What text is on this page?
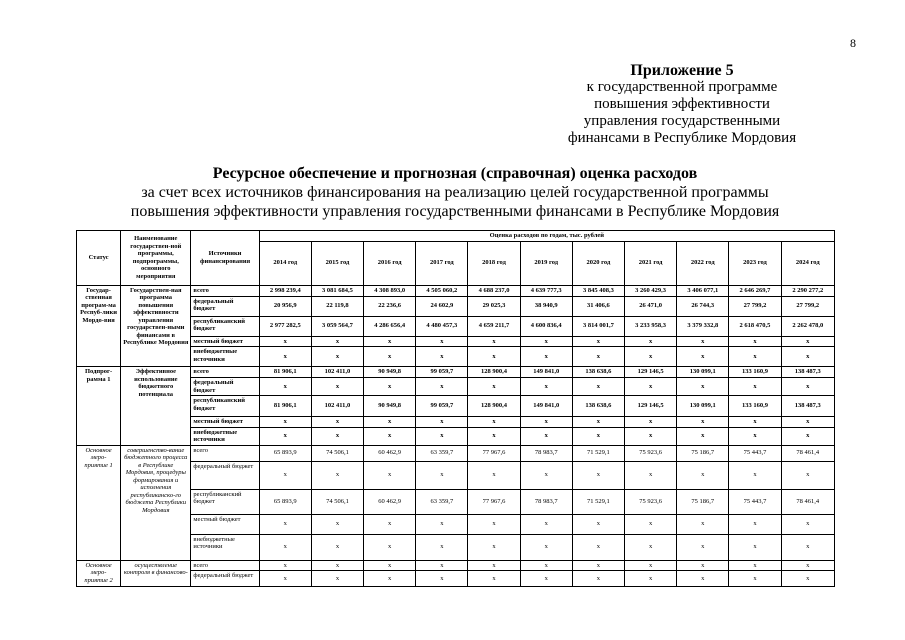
8
Приложение 5
к государственной программе
повышения эффективности
управления государственными
финансами в Республике Мордовия
Ресурсное обеспечение и прогнозная (справочная) оценка расходов
за счет всех источников финансирования на реализацию целей государственной программы
повышения эффективности управления государственными финансами в Республике Мордовия
Статус	Наименование государствен-ной программы, подпрограммы, основного мероприятия	Источники финансирования	Оценка расходов по годам, тыс. рублей										
			2014 год	2015 год	2016 год	2017 год	2018 год	2019 год	2020 год	2021 год	2022 год	2023 год	2024 год
Государ-ственная програм-ма Респуб-лики Мордо-вия	Государствен-ная программа повышения эффективности управления государствен-ными финансами в Республике Мордовия	всего	2 998 239,4	3 081 684,5	4 308 893,0	4 505 060,2	4 688 237,0	4 639 777,3	3 845 408,3	3 260 429,3	3 406 077,1	2 646 269,7	2 290 277,2
		федеральный бюджет	20 956,9	22 119,8	22 236,6	24 602,9	29 025,3	38 940,9	31 406,6	26 471,0	26 744,3	27 799,2	27 799,2
		республиканский бюджет	2 977 282,5	3 059 564,7	4 286 656,4	4 480 457,3	4 659 211,7	4 600 836,4	3 814 001,7	3 233 958,3	3 379 332,8	2 618 470,5	2 262 478,0
		местный бюджет	x	x	x	x	x	x	x	x	x	x	x
		внебюджетные источники	x	x	x	x	x	x	x	x	x	x	x
Подпрог-рамма 1	Эффективное использование бюджетного потенциала	всего	81 906,1	102 411,0	90 949,8	99 059,7	128 900,4	149 841,0	138 638,6	129 146,5	130 099,1	133 160,9	138 487,3
		федеральный бюджет	x	x	x	x	x	x	x	x	x	x	x
		республиканский бюджет	81 906,1	102 411,0	90 949,8	99 059,7	128 900,4	149 841,0	138 638,6	129 146,5	130 099,1	133 160,9	138 487,3
		местный бюджет	x	x	x	x	x	x	x	x	x	x	x
		внебюджетные источники	x	x	x	x	x	x	x	x	x	x	x
Основное меро-приятие 1	совершенство-вание бюджетного процесса в Республике Мордовия, процедуры формирования и исполнения республиканско-го бюджета Республики Мордовия	всего	65 893,9	74 506,1	60 462,9	63 359,7	77 967,6	78 983,7	71 529,1	75 923,6	75 186,7	75 443,7	78 461,4
		федеральный бюджет	x	x	x	x	x	x	x	x	x	x	x
		республиканский бюджет	65 893,9	74 506,1	60 462,9	63 359,7	77 967,6	78 983,7	71 529,1	75 923,6	75 186,7	75 443,7	78 461,4
		местный бюджет	x	x	x	x	x	x	x	x	x	x	x
		внебюджетные источники	x	x	x	x	x	x	x	x	x	x	x
Основное меро-приятие 2	осуществление контроля в финансово-	всего	x	x	x	x	x	x	x	x	x	x	x
		федеральный бюджет	x	x	x	x	x	x	x	x	x	x	x
